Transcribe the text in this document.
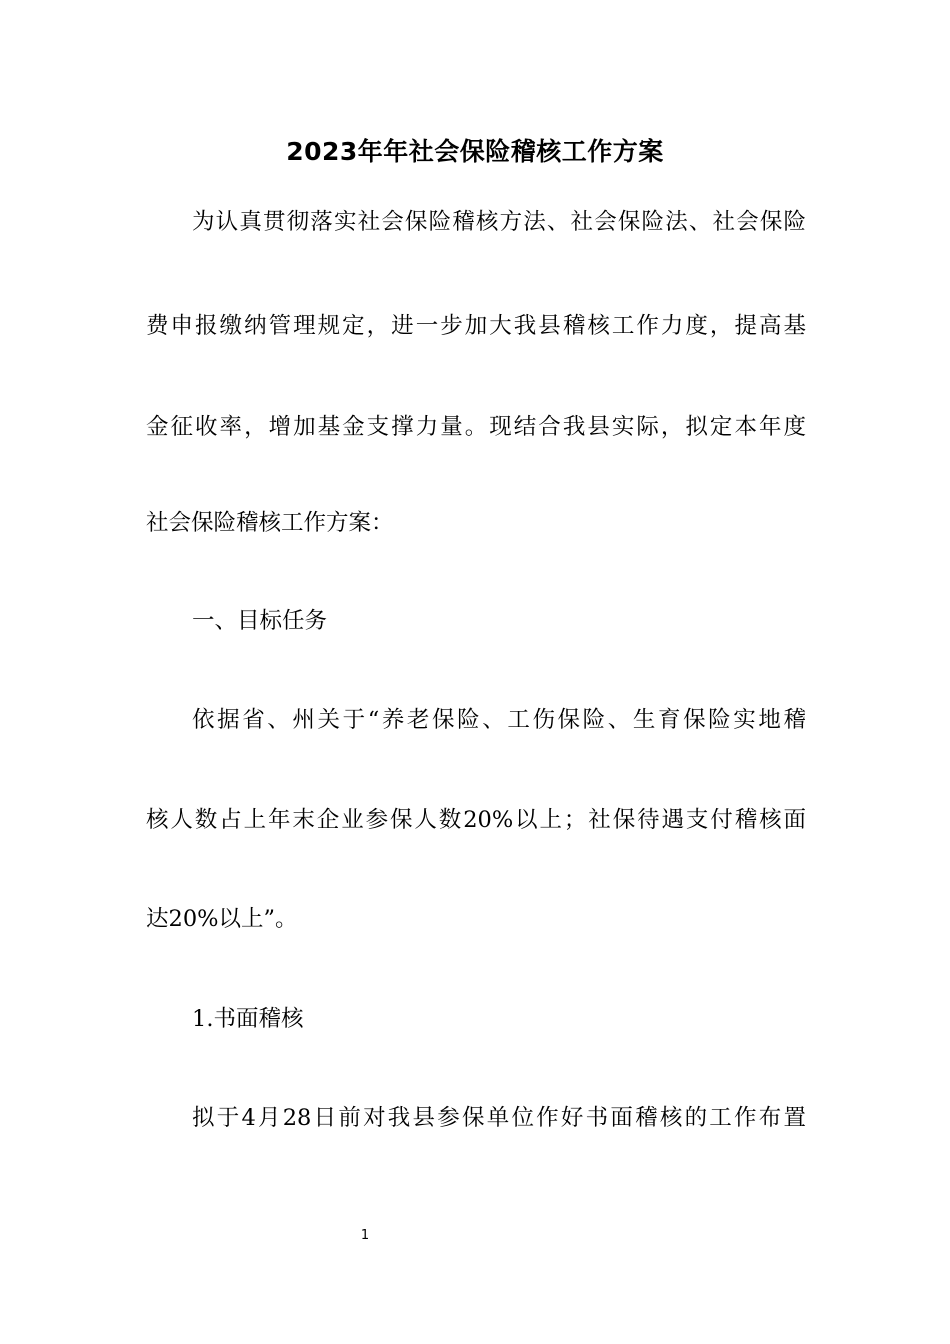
2023年年社会保险稽核工作方案
为认真贯彻落实社会保险稽核方法、社会保险法、社会保险
费申报缴纳管理规定，进一步加大我县稽核工作力度，提高基
金征收率，增加基金支撑力量。现结合我县实际，拟定本年度
社会保险稽核工作方案：
一、目标任务
依据省、州关于“养老保险、工伤保险、生育保险实地稽
核人数占上年末企业参保人数20%以上；社保待遇支付稽核面
达20%以上”。
1.书面稽核
拟于4月28日前对我县参保单位作好书面稽核的工作布置
1
